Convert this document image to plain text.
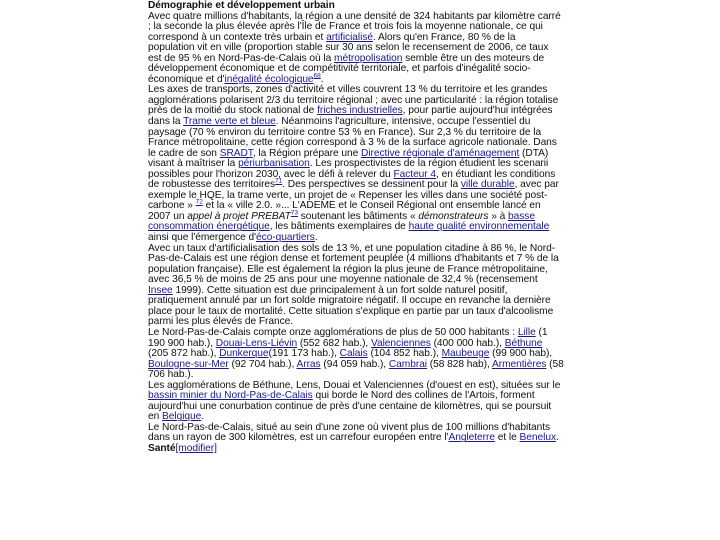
Démographie et développement urbain

Avec quatre millions d'habitants, la région a une densité de 324 habitants par kilomètre carré ; la seconde la plus élevée après l'Île de France et trois fois la moyenne nationale, ce qui correspond à un contexte très urbain et artificialisé. Alors qu'en France, 80 % de la population vit en ville (proportion stable sur 30 ans selon le recensement de 2006, ce taux est de 95 % en Nord-Pas-de-Calais où la métropolisation semble être un des moteurs de développement économique et de compétitivité territoriale, et parfois d'inégalité socio-économique et d'inégalité écologique$^{68}$.

Les axes de transports, zones d'activité et villes couvrent 13 % du territoire et les grandes agglomérations polarisent 2/3 du territoire régional ; avec une particularité : la région totalise près de la moitié du stock national de friches industrielles, pour partie aujourd'hui intégrées dans la Trame verte et bleue. Néanmoins l'agriculture, intensive, occupe l'essentiel du paysage (70 % environ du territoire contre 53 % en France). Sur 2,3 % du territoire de la France métropolitaine, cette région correspond à 3 % de la surface agricole nationale. Dans le cadre de son SRADT, la Région prépare une Directive régionale d'aménagement (DTA) visant à maîtriser la périurbanisation. Les prospectivistes de la région étudient les scenarii possibles pour l'horizon 2030, avec le défi à relever du Facteur 4, en étudiant les conditions de robustesse des territoires$^{71}$. Des perspectives se dessinent pour la ville durable, avec par exemple le HQE, la trame verte, un projet de « Repenser les villes dans une société post-carbone » $^{72}$ et la « ville 2.0. »... L'ADEME et le Conseil Régional ont ensemble lancé en 2007 un appel à projet PREBAT$^{73}$ soutenant les bâtiments « démonstrateurs » à basse consommation énergétique, les bâtiments exemplaires de haute qualité environnementale ainsi que l'émergence d'éco-quartiers.

Avec un taux d'artificialisation des sols de 13 %, et une population citadine à 86 %, le Nord-Pas-de-Calais est une région dense et fortement peuplée (4 millions d'habitants et 7 % de la population française). Elle est également la région la plus jeune de France métropolitaine, avec 36,5 % de moins de 25 ans pour une moyenne nationale de 32,4 % (recensement Insee 1999). Cette situation est due principalement à un fort solde naturel positif, pratiquement annulé par un fort solde migratoire négatif. Il occupe en revanche la dernière place pour le taux de mortalité. Cette situation s'explique en partie par un taux d'alcoolisme parmi les plus élevés de France.

Le Nord-Pas-de-Calais compte onze agglomérations de plus de 50 000 habitants : Lille (1 190 900 hab.), Douai-Lens-Liévin (552 682 hab.), Valenciennes (400 000 hab.), Béthune (205 872 hab.), Dunkerque(191 173 hab.), Calais (104 852 hab.), Maubeuge (99 900 hab), Boulogne-sur-Mer (92 704 hab.), Arras (94 059 hab.), Cambrai (58 828 hab), Armentières (58 706 hab.).

Les agglomérations de Béthune, Lens, Douai et Valenciennes (d'ouest en est), situées sur le bassin minier du Nord-Pas-de-Calais qui borde le Nord des collines de l'Artois, forment aujourd'hui une conurbation continue de près d'une centaine de kilomètres, qui se poursuit en Belgique.

Le Nord-Pas-de-Calais, situé au sein d'une zone où vivent plus de 100 millions d'habitants dans un rayon de 300 kilomètres, est un carrefour européen entre l'Angleterre et le Benelux.

Santé[modifier]
